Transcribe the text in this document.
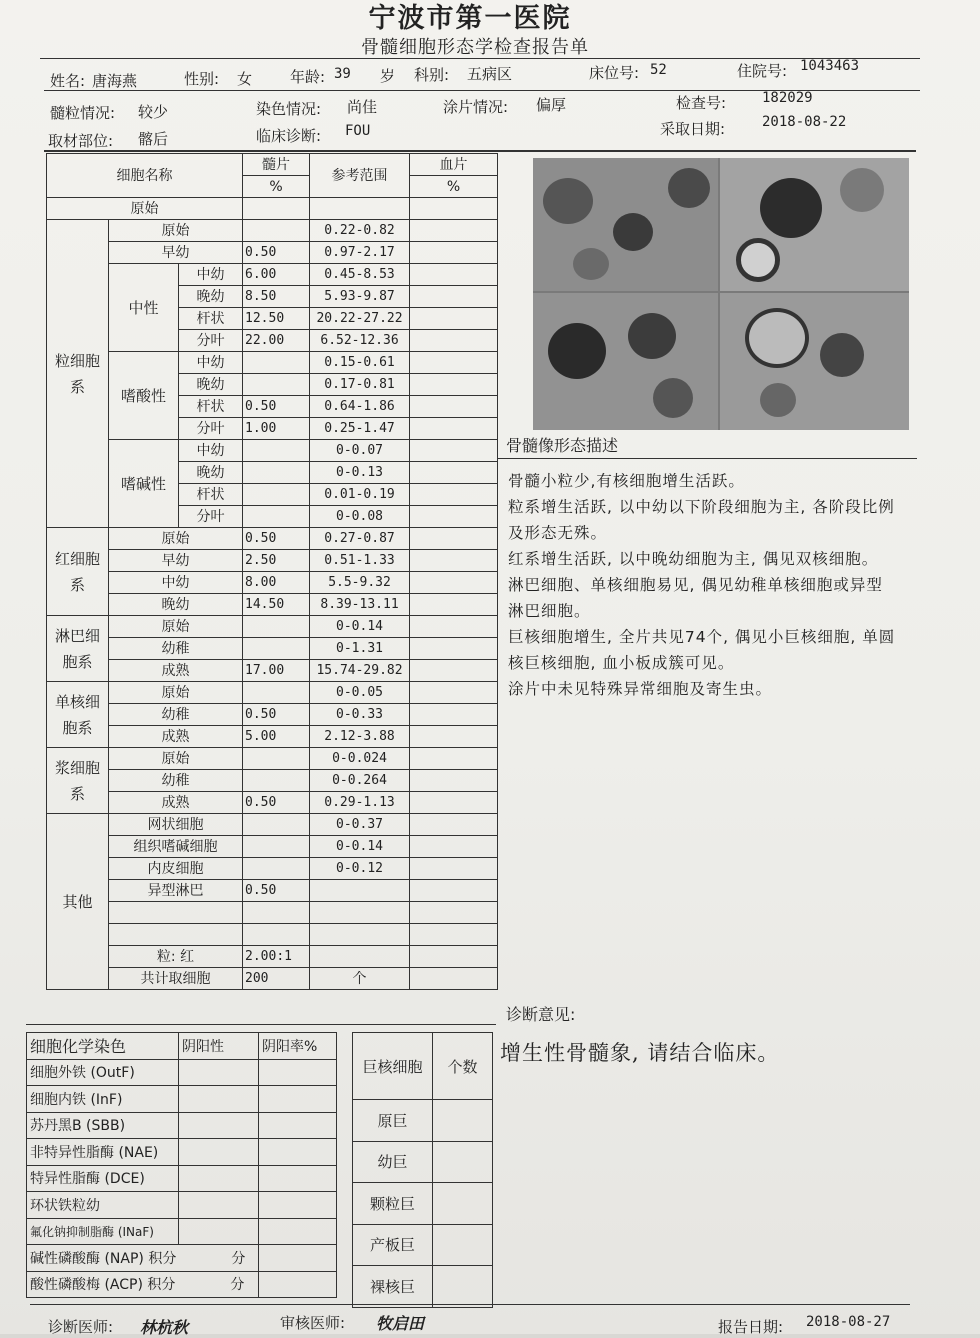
宁波市第一医院
骨髓细胞形态学检查报告单
姓名: 唐海燕	性别: 女	年龄: 39 岁 科别: 五病区	床位号: 52	住院号: 1043463
髓粒情况: 较少	染色情况: 尚佳	涂片情况: 偏厚	检查号:	182029
取材部位: 髂后	临床诊断: FOU	采取日期:	2018-08-22
细胞名称			髓片	参考范围	血片
			%		%
原始					
粒细胞系	原始			0.22-0.82	
	早幼		0.50	0.97-2.17	
	中性	中幼	6.00	0.45-8.53	
		晚幼	8.50	5.93-9.87	
		杆状	12.50	20.22-27.22	
		分叶	22.00	6.52-12.36	
	嗜酸性	中幼		0.15-0.61	
		晚幼		0.17-0.81	
		杆状	0.50	0.64-1.86	
		分叶	1.00	0.25-1.47	
	嗜碱性	中幼		0-0.07	
		晚幼		0-0.13	
		杆状		0.01-0.19	
		分叶		0-0.08	
红细胞系	原始		0.50	0.27-0.87	
	早幼		2.50	0.51-1.33	
	中幼		8.00	5.5-9.32	
	晚幼		14.50	8.39-13.11	
淋巴细胞系	原始			0-0.14	
	幼稚			0-1.31	
	成熟		17.00	15.74-29.82	
单核细胞系	原始			0-0.05	
	幼稚		0.50	0-0.33	
	成熟		5.00	2.12-3.88	
浆细胞系	原始			0-0.024	
	幼稚			0-0.264	
	成熟		0.50	0.29-1.13	
其他	网状细胞			0-0.37	
	组织嗜碱细胞			0-0.14	
	内皮细胞			0-0.12	
	异型淋巴		0.50		

	粒: 红		2.00:1		
	共计取细胞		200	个	
骨髓像形态描述

骨髓小粒少,有核细胞增生活跃。

粒系增生活跃, 以中幼以下阶段细胞为主, 各阶段比例及形态无殊。

红系增生活跃, 以中晚幼细胞为主, 偶见双核细胞。

淋巴细胞、单核细胞易见, 偶见幼稚单核细胞或异型淋巴细胞。

巨核细胞增生, 全片共见74个, 偶见小巨核细胞, 单圆核巨核细胞, 血小板成簇可见。

涂片中未见特殊异常细胞及寄生虫。

诊断意见:
增生性骨髓象, 请结合临床。
细胞化学染色	阴阳性	阴阳率%
细胞外铁 (OutF)		
细胞内铁 (InF)		
苏丹黑B (SBB)		
非特异性脂酶 (NAE)		
特异性脂酶 (DCE)		
环状铁粒幼		
氟化钠抑制脂酶 (INaF)		
碱性磷酸酶 (NAP) 积分 分		
酸性磷酸梅 (ACP) 积分 分		
巨核细胞	个数
原巨	
幼巨	
颗粒巨	
产板巨	
裸核巨	
诊断医师: 林杭秋	审核医师: 牧启田	报告日期: 2018-08-27
